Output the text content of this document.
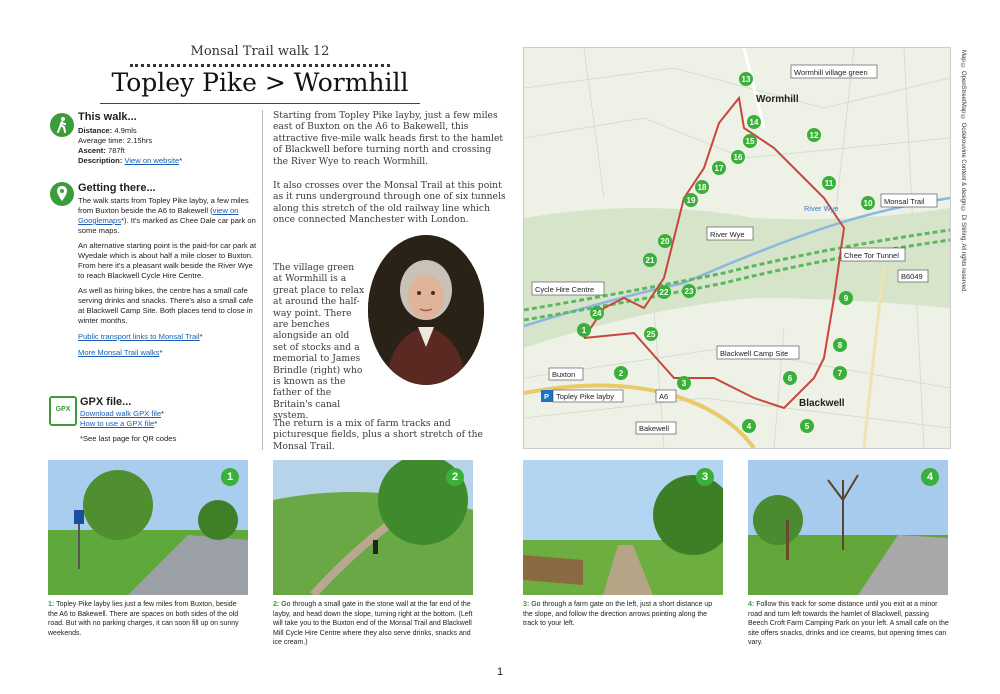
Monsal Trail walk 12
Topley Pike > Wormhill
This walk...
Distance: 4.9mls
Average time: 2.15hrs
Ascent: 787ft
Description: View on website*
Getting there...
The walk starts from Topley Pike layby, a few miles from Buxton beside the A6 to Bakewell (view on Googlemaps*). It's marked as Chee Dale car park on some maps.
An alternative starting point is the paid-for car park at Wyedale which is about half a mile closer to Buxton. From here it's a pleasant walk beside the River Wye to reach Blackwell Cycle Hire Centre.
As well as hiring bikes, the centre has a small cafe serving drinks and snacks. There's also a small cafe at Blackwell Camp Site. Both places tend to close in winter months.
Public transport links to Monsal Trail*
More Monsal Trail walks*
GPX
GPX file...
Download walk GPX file*
How to use a GPX file*
*See last page for QR codes
Starting from Topley Pike layby, just a few miles east of Buxton on the A6 to Bakewell, this attractive five-mile walk heads first to the hamlet of Blackwell before turning north and crossing the River Wye to reach Wormhill.
It also crosses over the Monsal Trail at this point as it runs underground through one of six tunnels along this stretch of the old railway line which once connected Manchester with London.
The village green at Wormhill is a great place to relax at around the half-way point. There are benches alongside an old set of stocks and a memorial to James Brindle (right) who is known as the father of the Britain's canal system.
The return is a mix of farm tracks and picturesque fields, plus a short stretch of the Monsal Trail.
1
2
3
4	5
6
7
8
9
10
11
12
13
14
15
16
17
18
19
20
21
22 23
24
25
Wormhill village green
Wormhill
Monsal Trail
River Wye
River Wye
Chee Tor Tunnel
B6049
Cycle Hire Centre
Blackwell Camp Site
Buxton
P Topley Pike layby	A6
Blackwell
Bakewell
Map © OpenStreetMap © Ocdekouvine Content & design © Di Stirling. All rights reserved.
1	2	3	4
1: Topley Pike layby lies just a few miles from Buxton, beside the A6 to Bakewell. There are spaces on both sides of the old road. But with no parking charges, it can soon fill up on sunny weekends.
2: Go through a small gate in the stone wall at the far end of the layby, and head down the slope, turning right at the bottom. (Left will take you to the Buxton end of the Monsal Trail and Blackwell Mill Cycle Hire Centre where they also serve drinks, snacks and ice cream.)
3: Go through a farm gate on the left, just a short distance up the slope, and follow the direction arrows pointing along the track to your left.
4: Follow this track for some distance until you exit at a minor road and turn left towards the hamlet of Blackwell, passing Beech Croft Farm Camping Park on your left. A small cafe on the site offers snacks, drinks and ice creams, but opening times can vary.
1
